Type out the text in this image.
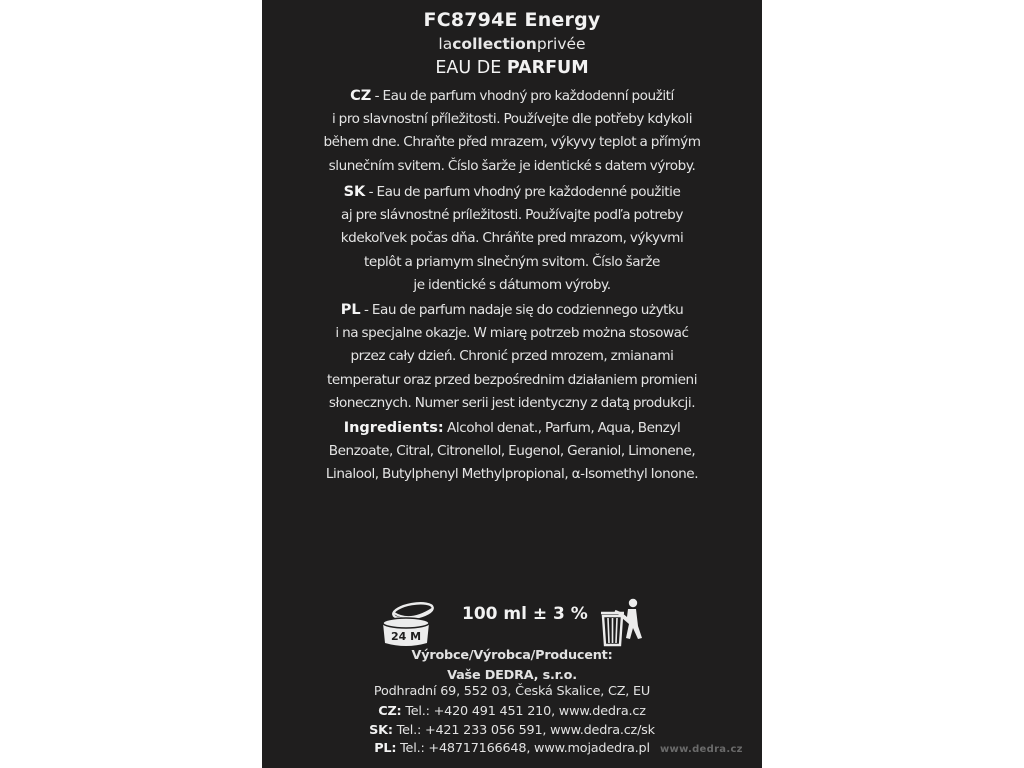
FC8794E Energy
lacollectionprivée
EAU DE PARFUM
CZ - Eau de parfum vhodný pro každodenní použití
i pro slavnostní příležitosti. Používejte dle potřeby kdykoli
během dne. Chraňte před mrazem, výkyvy teplot a přímým
slunečním svitem. Číslo šarže je identické s datem výroby.
SK - Eau de parfum vhodný pre každodenné použitie
aj pre slávnostné príležitosti. Používajte podľa potreby
kdekoľvek počas dňa. Chráňte pred mrazom, výkyvmi
teplôt a priamym slnečným svitom. Číslo šarže
je identické s dátumom výroby.
PL - Eau de parfum nadaje się do codziennego użytku
i na specjalne okazje. W miarę potrzeb można stosować
przez cały dzień. Chronić przed mrozem, zmianami
temperatur oraz przed bezpośrednim działaniem promieni
słonecznych. Numer serii jest identyczny z datą produkcji.
Ingredients: Alcohol denat., Parfum, Aqua, Benzyl
Benzoate, Citral, Citronellol, Eugenol, Geraniol, Limonene,
Linalool, Butylphenyl Methylpropional, α-Isomethyl Ionone.
24 M
100 ml ± 3 %
Výrobce/Výrobca/Producent:
Vaše DEDRA, s.r.o.
Podhradní 69, 552 03, Česká Skalice, CZ, EU
CZ: Tel.: +420 491 451 210, www.dedra.cz
SK: Tel.: +421 233 056 591, www.dedra.cz/sk
PL: Tel.: +48717166648, www.mojadedra.pl	www.dedra.cz
